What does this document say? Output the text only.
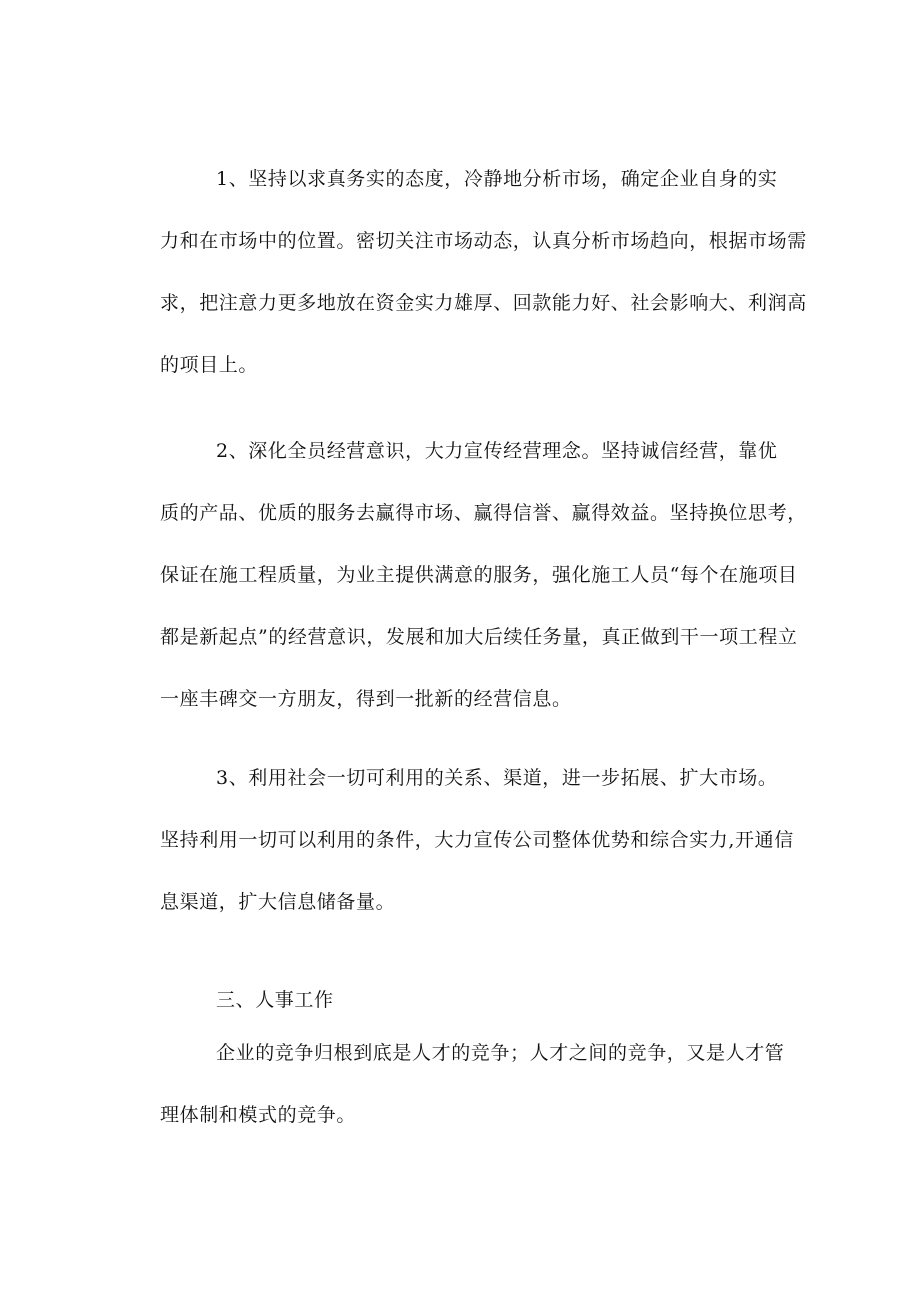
1、坚持以求真务实的态度，冷静地分析市场，确定企业自身的实
力和在市场中的位置。密切关注市场动态，认真分析市场趋向，根据市场需
求，把注意力更多地放在资金实力雄厚、回款能力好、社会影响大、利润高
的项目上。
2、深化全员经营意识，大力宣传经营理念。坚持诚信经营，靠优
质的产品、优质的服务去赢得市场、赢得信誉、赢得效益。坚持换位思考，
保证在施工程质量，为业主提供满意的服务，强化施工人员“每个在施项目
都是新起点”的经营意识，发展和加大后续任务量，真正做到干一项工程立
一座丰碑交一方朋友，得到一批新的经营信息。
3、利用社会一切可利用的关系、渠道，进一步拓展、扩大市场。
坚持利用一切可以利用的条件，大力宣传公司整体优势和综合实力,开通信
息渠道，扩大信息储备量。
三、人事工作
企业的竞争归根到底是人才的竞争；人才之间的竞争，又是人才管
理体制和模式的竞争。
